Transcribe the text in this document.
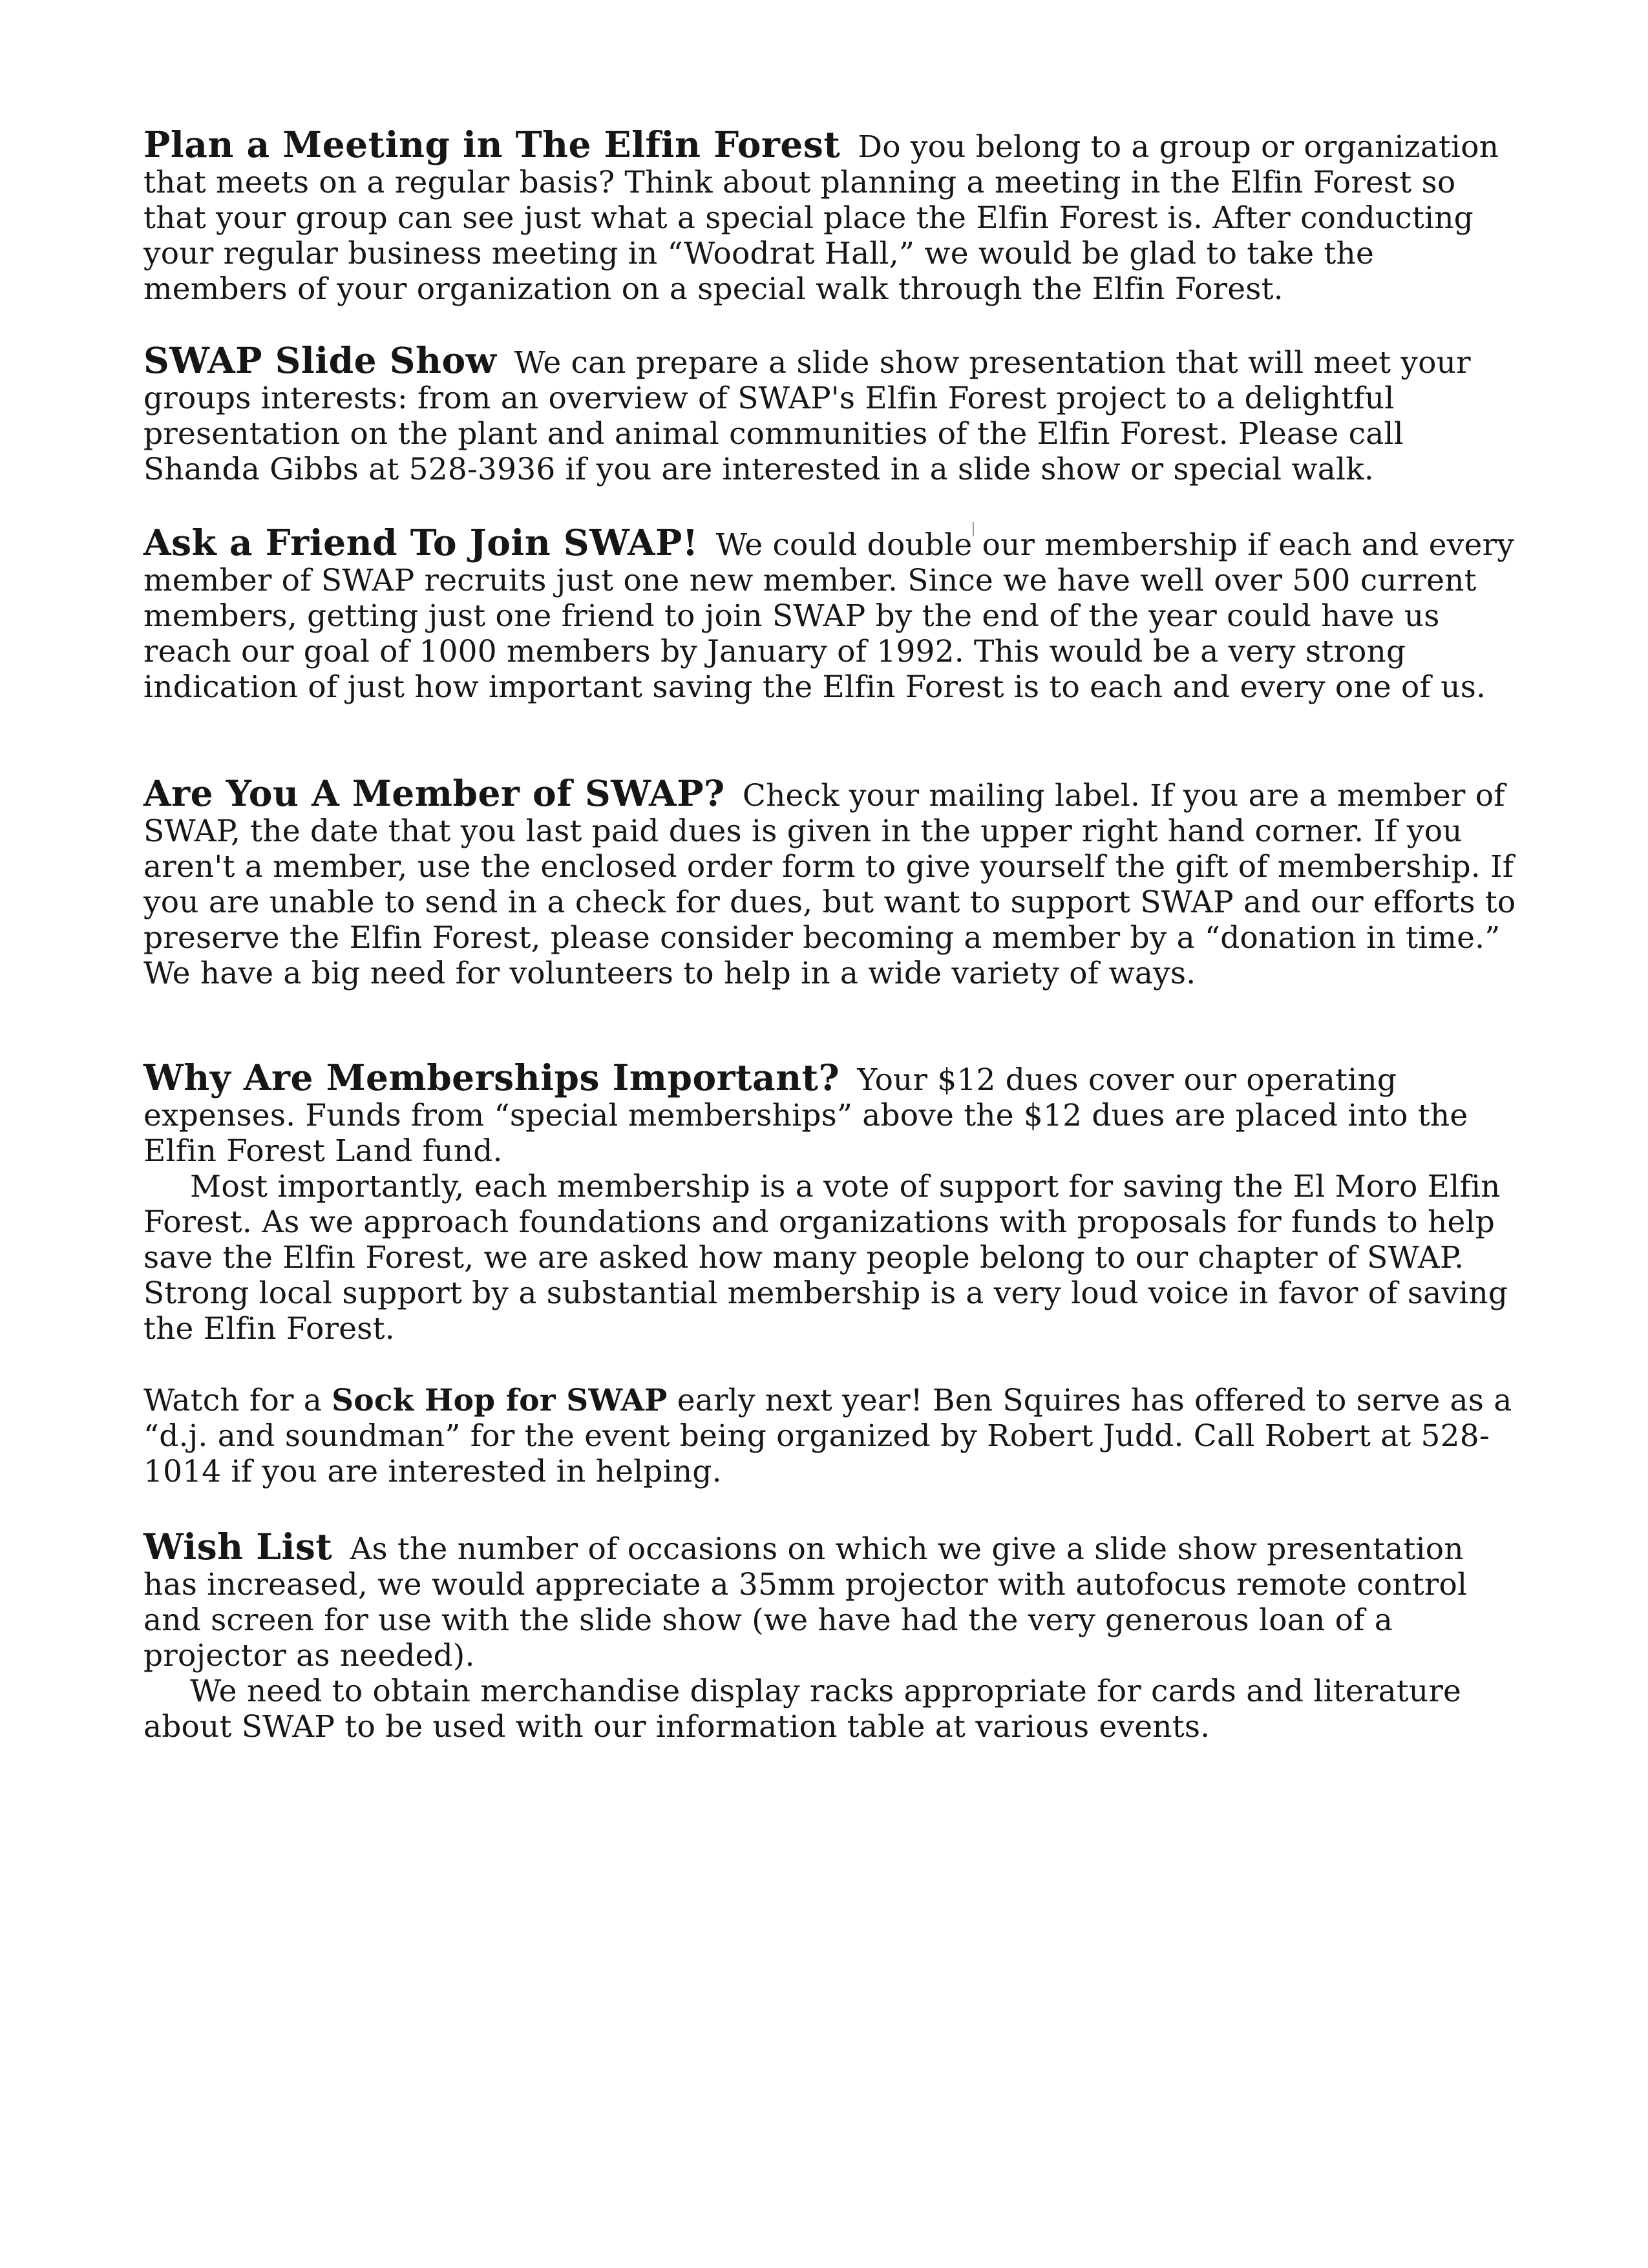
Plan a Meeting in The Elfin Forest Do you belong to a group or organization that meets on a regular basis? Think about planning a meeting in the Elfin Forest so that your group can see just what a special place the Elfin Forest is. After conducting your regular business meeting in “Woodrat Hall,” we would be glad to take the members of your organization on a special walk through the Elfin Forest.
SWAP Slide Show We can prepare a slide show presentation that will meet your groups interests: from an overview of SWAP's Elfin Forest project to a delightful presentation on the plant and animal communities of the Elfin Forest. Please call Shanda Gibbs at 528-3936 if you are interested in a slide show or special walk.
Ask a Friend To Join SWAP! We could double our membership if each and every member of SWAP recruits just one new member. Since we have well over 500 current members, getting just one friend to join SWAP by the end of the year could have us reach our goal of 1000 members by January of 1992. This would be a very strong indication of just how important saving the Elfin Forest is to each and every one of us.
Are You A Member of SWAP? Check your mailing label. If you are a member of SWAP, the date that you last paid dues is given in the upper right hand corner. If you aren't a member, use the enclosed order form to give yourself the gift of membership. If you are unable to send in a check for dues, but want to support SWAP and our efforts to preserve the Elfin Forest, please consider becoming a member by a “donation in time.” We have a big need for volunteers to help in a wide variety of ways.
Why Are Memberships Important? Your $12 dues cover our operating expenses. Funds from “special memberships” above the $12 dues are placed into the Elfin Forest Land fund.
Most importantly, each membership is a vote of support for saving the El Moro Elfin Forest. As we approach foundations and organizations with proposals for funds to help save the Elfin Forest, we are asked how many people belong to our chapter of SWAP. Strong local support by a substantial membership is a very loud voice in favor of saving the Elfin Forest.
Watch for a Sock Hop for SWAP early next year! Ben Squires has offered to serve as a “d.j. and soundman” for the event being organized by Robert Judd. Call Robert at 528-1014 if you are interested in helping.
Wish List As the number of occasions on which we give a slide show presentation has increased, we would appreciate a 35mm projector with autofocus remote control and screen for use with the slide show (we have had the very generous loan of a projector as needed).
We need to obtain merchandise display racks appropriate for cards and literature about SWAP to be used with our information table at various events.
